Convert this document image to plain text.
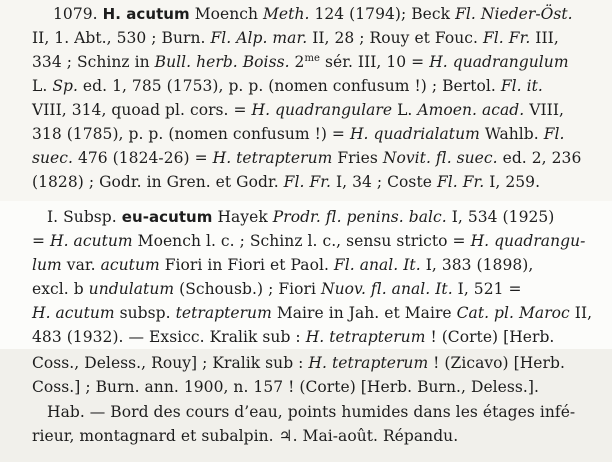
1079. H. acutum Moench Meth. 124 (1794); Beck Fl. Nieder-Öst.
II, 1. Abt., 530 ; Burn. Fl. Alp. mar. II, 28 ; Rouy et Fouc. Fl. Fr. III,
334 ; Schinz in Bull. herb. Boiss. $2^{me}$ sér. III, 10 = H. quadrangulum
L. Sp. ed. 1, 785 (1753), p. p. (nomen confusum !) ; Bertol. Fl. it.
VIII, 314, quoad pl. cors. = H. quadrangulare L. Amoen. acad. VIII,
318 (1785), p. p. (nomen confusum !) = H. quadrialatum Wahlb. Fl.
suec. 476 (1824-26) = H. tetrapterum Fries Novit. fl. suec. ed. 2, 236
(1828) ; Godr. in Gren. et Godr. Fl. Fr. I, 34 ; Coste Fl. Fr. I, 259.
I. Subsp. eu-acutum Hayek Prodr. fl. penins. balc. I, 534 (1925)
= H. acutum Moench l. c. ; Schinz l. c., sensu stricto = H. quadrangu-
lum var. acutum Fiori in Fiori et Paol. Fl. anal. It. I, 383 (1898),
excl. b undulatum (Schousb.) ; Fiori Nuov. fl. anal. It. I, 521 =
H. acutum subsp. tetrapterum Maire in Jah. et Maire Cat. pl. Maroc II,
483 (1932). — Exsicc. Kralik sub : H. tetrapterum ! (Corte) [Herb.
Coss., Deless., Rouy] ; Kralik sub : H. tetrapterum ! (Zicavo) [Herb.
Coss.] ; Burn. ann. 1900, n. 157 ! (Corte) [Herb. Burn., Deless.].
Hab. — Bord des cours d’eau, points humides dans les étages infé-
rieur, montagnard et subalpin. ♃. Mai-août. Répandu.
